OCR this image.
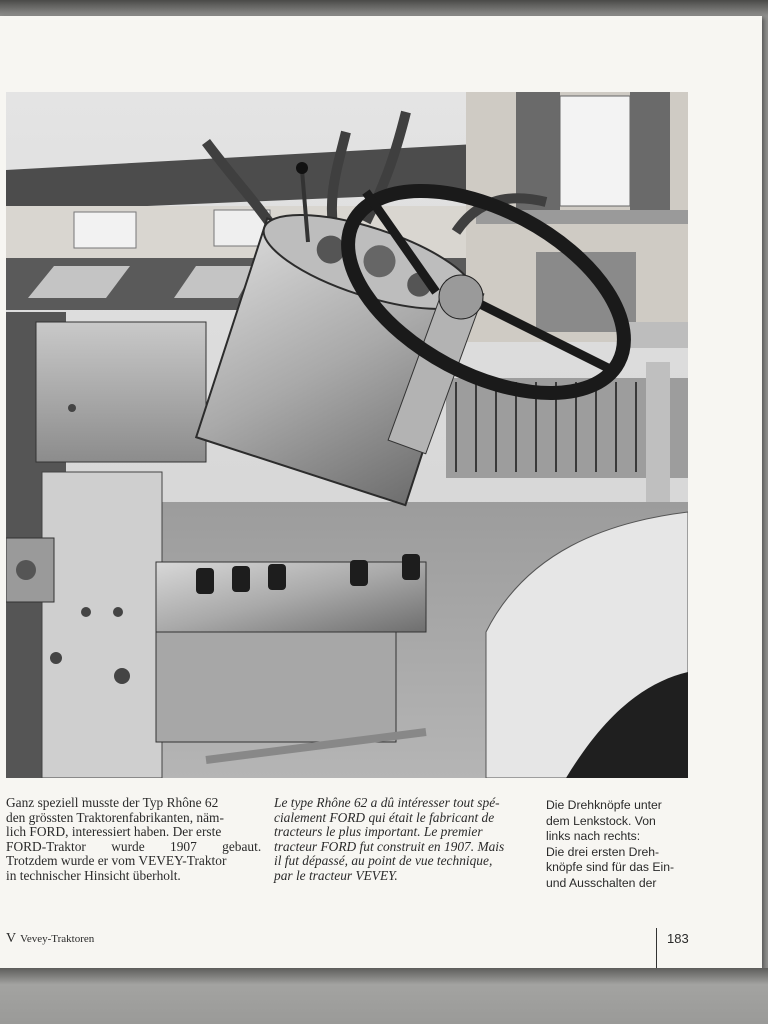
Ganz speziell musste der Typ Rhône 62

den grössten Traktorenfabrikanten, näm-

lich FORD, interessiert haben. Der erste

FORD-Traktor wurde 1907 gebaut.

Trotzdem wurde er vom VEVEY-Traktor

in technischer Hinsicht überholt.

Le type Rhône 62 a dû intéresser tout spé-

cialement FORD qui était le fabricant de

tracteurs le plus important. Le premier

tracteur FORD fut construit en 1907. Mais

il fut dépassé, au point de vue technique,

par le tracteur VEVEY.

Die Drehknöpfe unter

dem Lenkstock. Von

links nach rechts:

Die drei ersten Dreh-

knöpfe sind für das Ein-

und Ausschalten der

V Vevey-Traktoren	183
